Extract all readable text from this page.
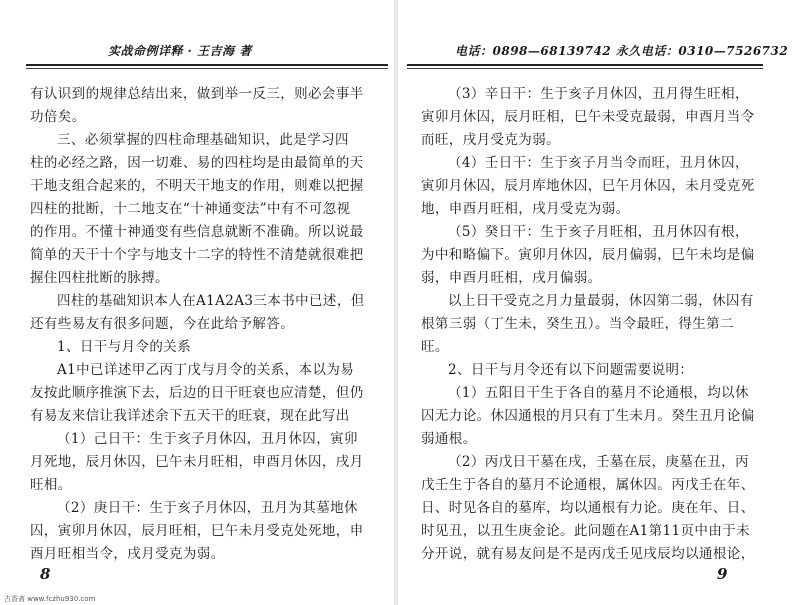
实战命例详释 · 王吉海 著
有认识到的规律总结出来，做到举一反三，则必会事半
功倍矣。
三、必须掌握的四柱命理基础知识，此是学习四
柱的必经之路，因一切难、易的四柱均是由最简单的天
干地支组合起来的，不明天干地支的作用，则难以把握
四柱的批断，十二地支在“十神通变法”中有不可忽视
的作用。不懂十神通变有些信息就断不准确。所以说最
简单的天干十个字与地支十二字的特性不清楚就很难把
握住四柱批断的脉搏。
四柱的基础知识本人在A1A2A3三本书中已述，但
还有些易友有很多问题，今在此给予解答。
1、日干与月令的关系
A1中已详述甲乙丙丁戊与月令的关系，本以为易
友按此顺序推演下去，后边的日干旺衰也应清楚，但仍
有易友来信让我详述余下五天干的旺衰，现在此写出
（1）己日干：生于亥子月休囚，丑月休囚，寅卯
月死地，辰月休囚，巳午未月旺相，申酉月休囚，戌月
旺相。
（2）庚日干：生于亥子月休囚，丑月为其墓地休
囚，寅卯月休囚，辰月旺相，巳午未月受克处死地，申
酉月旺相当令，戌月受克为弱。
8
电话：0898—68139742 永久电话：0310—7526732
（3）辛日干：生于亥子月休囚，丑月得生旺相，
寅卯月休囚，辰月旺相，巳午未受克最弱，申酉月当令
而旺，戌月受克为弱。
（4）壬日干：生于亥子月当令而旺，丑月休囚，
寅卯月休囚，辰月库地休囚，巳午月休囚，未月受克死
地，申酉月旺相，戌月受克为弱。
（5）癸日干：生于亥子月旺相，丑月休囚有根，
为中和略偏下。寅卯月休囚，辰月偏弱，巳午未均是偏
弱，申酉月旺相，戌月偏弱。
以上日干受克之月力量最弱，休囚第二弱，休囚有
根第三弱（丁生未，癸生丑）。当令最旺，得生第二
旺。
2、日干与月令还有以下问题需要说明：
（1）五阳日干生于各自的墓月不论通根，均以休
囚无力论。休囚通根的月只有丁生未月。癸生丑月论偏
弱通根。
（2）丙戊日干墓在戌，壬墓在辰，庚墓在丑，丙
戊壬生于各自的墓月不论通根，属休囚。丙戊壬在年、
日、时见各自的墓库，均以通根有力论。庚在年、日、
时见丑，以丑生庚金论。此问题在A1第11页中由于未
分开说，就有易友问是不是丙戊壬见戌辰均以通根论，
9
古香斋 www.fczhu930.com
